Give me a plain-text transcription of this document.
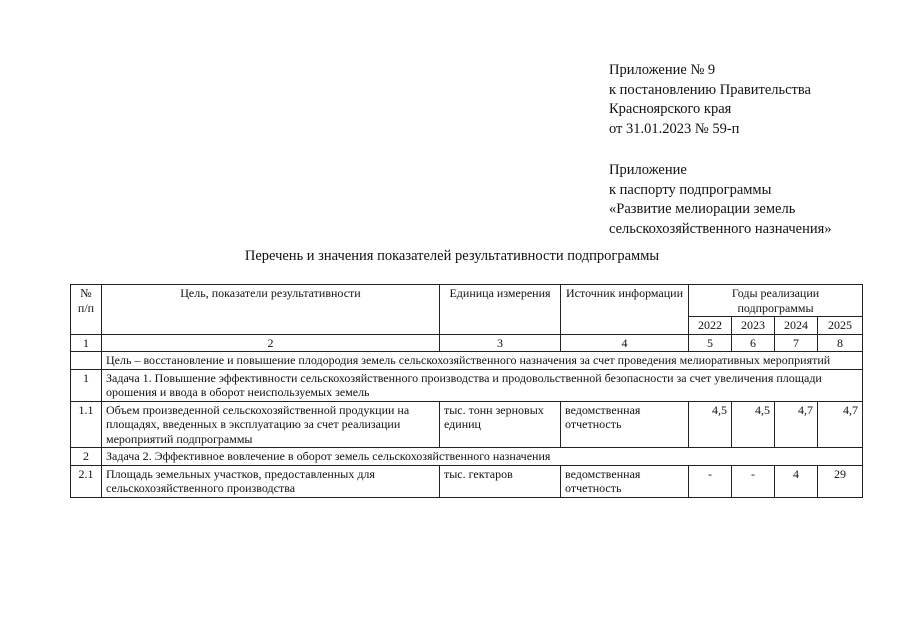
Приложение № 9
к постановлению Правительства
Красноярского края
от 31.01.2023 № 59-п
Приложение
к паспорту подпрограммы
«Развитие мелиорации земель
сельскохозяйственного назначения»
Перечень и значения показателей результативности подпрограммы
№ п/п	Цель, показатели результативности	Единица измерения	Источник информации	Годы реализации подпрограммы			
				2022	2023	2024	2025
1	2	3	4	5	6	7	8
	Цель – восстановление и повышение плодородия земель сельскохозяйственного назначения за счет проведения мелиоративных мероприятий						
1	Задача 1. Повышение эффективности сельскохозяйственного производства и продовольственной безопасности за счет увеличения площади орошения и ввода в оборот неиспользуемых земель						
1.1	Объем произведенной сельскохозяйственной продукции на площадях, введенных в эксплуатацию за счет реализации мероприятий подпрограммы	тыс. тонн зерновых единиц	ведомственная отчетность	4,5	4,5	4,7	4,7
2	Задача 2. Эффективное вовлечение в оборот земель сельскохозяйственного назначения						
2.1	Площадь земельных участков, предоставленных для сельскохозяйственного производства	тыс. гектаров	ведомственная отчетность	-	-	4	29
